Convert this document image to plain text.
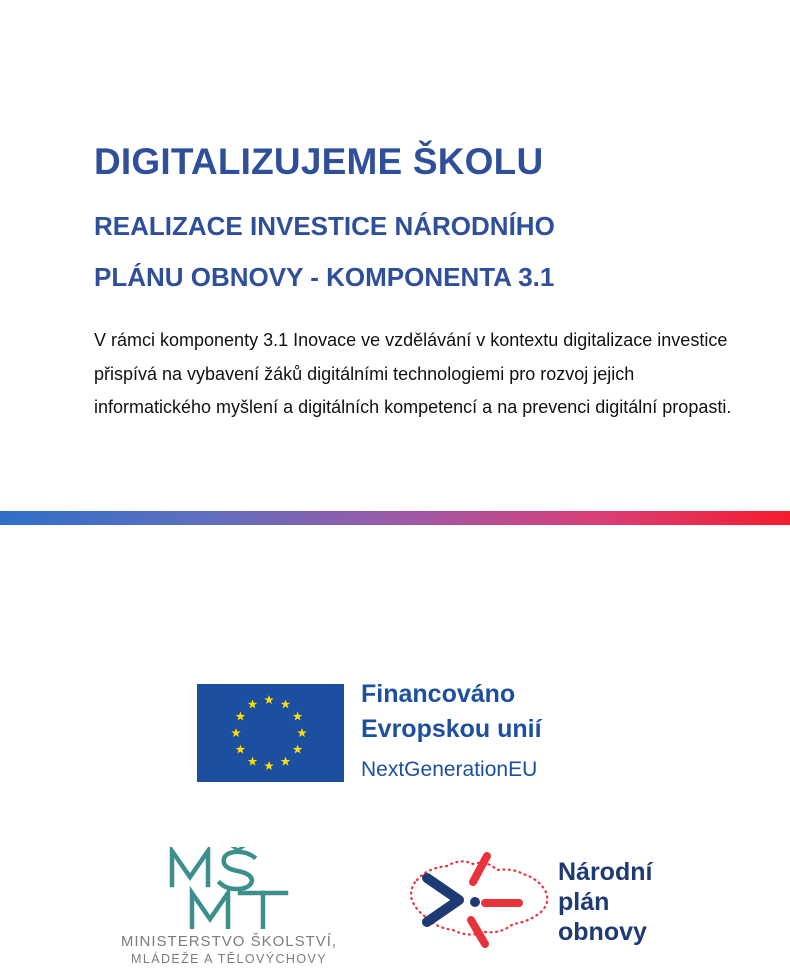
DIGITALIZUJEME ŠKOLU
REALIZACE INVESTICE NÁRODNÍHO
PLÁNU OBNOVY - KOMPONENTA 3.1

V rámci komponenty 3.1 Inovace ve vzdělávání v kontextu digitalizace investice přispívá na vybavení žáků digitálními technologiemi pro rozvoj jejich informatického myšlení a digitálních kompetencí a na prevenci digitální propasti.

Financováno
Evropskou unií
NextGenerationEU
MINISTERSTVO ŠKOLSTVÍ,
MLÁDEŽE A TĚLOVÝCHOVY
Národní
plán
obnovy
